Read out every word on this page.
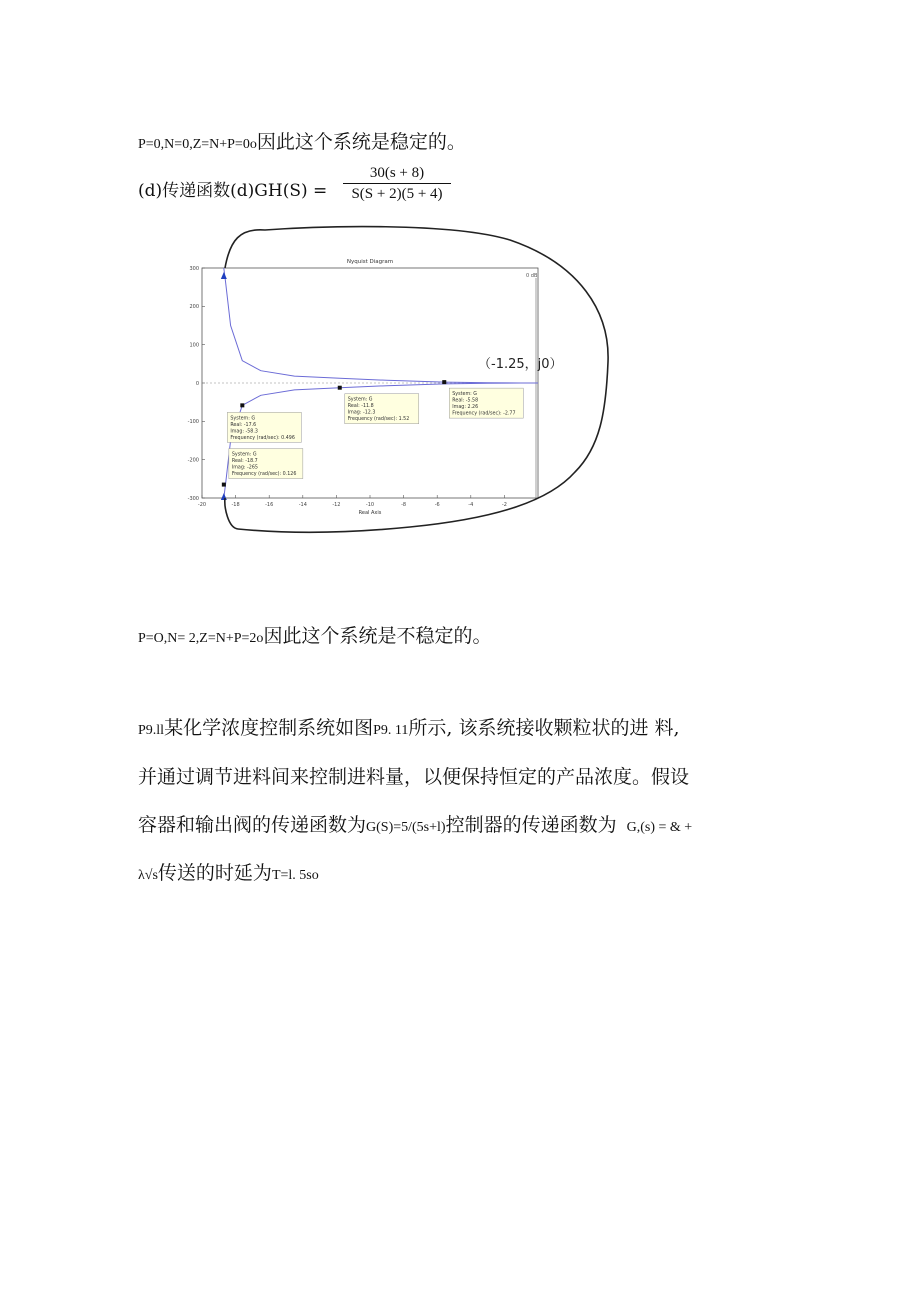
P=0,N=0,Z=N+P=0o因此这个系统是稳定的。
(d)传递函数$(d)GH(S) = \frac{30(s + 8)}{S(S + 2)(5 + 4)}$
Nyquist Diagram
Real Axis
0 dB
-20	-18	-16	-14	-12	-10	-8	-6	-4	-2
300
200
100
0
-100
-200
-300
System: G
Real: -18.7
Imag: -265
Frequency (rad/sec): 0.126
System: G
Real: -17.6
Imag: -58.3
Frequency (rad/sec): 0.496
System: G
Real: -11.8
Imag: -12.3
Frequency (rad/sec): 1.52
System: G
Real: -5.58
Imag: 2.26
Frequency (rad/sec): -2.77
（-1.25，j0）
P=O,N= 2,Z=N+P=2o因此这个系统是不稳定的。
P9.ll某化学浓度控制系统如图P9. 11所示, 该系统接收颗粒状的进 料,
并通过调节进料间来控制进料量，以便保持恒定的产品浓度。假设
容器和输出阀的传递函数为G(S)=5/(5s+l)控制器的传递函数为 G,(s) = & +
λ√s传送的时延为T=l. 5so
